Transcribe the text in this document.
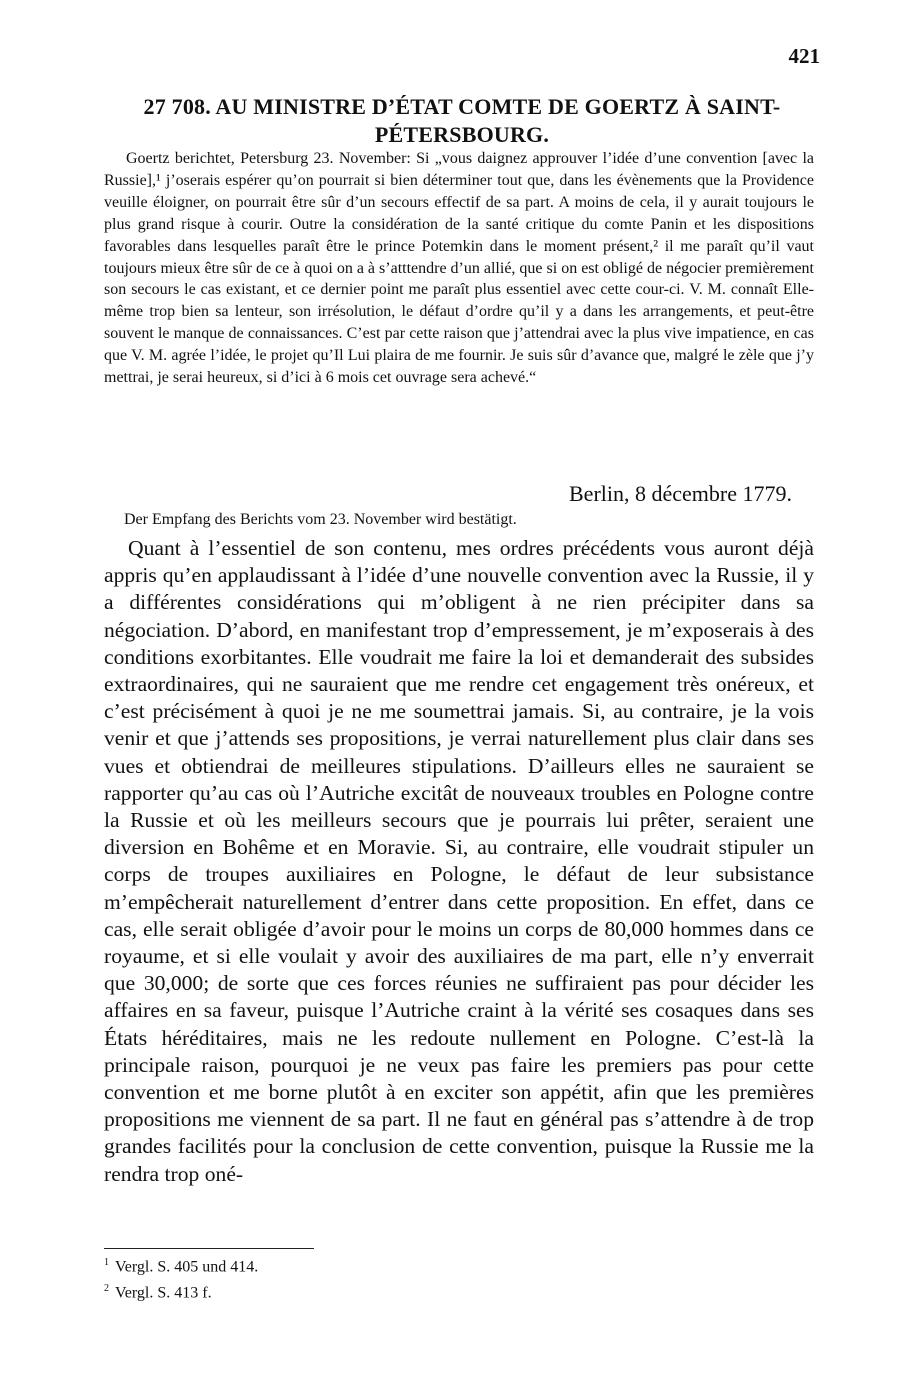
421
27 708. AU MINISTRE D’ÉTAT COMTE DE GOERTZ À SAINT-PÉTERSBOURG.
Goertz berichtet, Petersburg 23. November: Si „vous daignez approuver l’idée d’une convention [avec la Russie],¹ j’oserais espérer qu’on pourrait si bien déterminer tout que, dans les évènements que la Providence veuille éloigner, on pourrait être sûr d’un secours effectif de sa part. A moins de cela, il y aurait toujours le plus grand risque à courir. Outre la considération de la santé critique du comte Panin et les dispositions favorables dans lesquelles paraît être le prince Potemkin dans le moment présent,² il me paraît qu’il vaut toujours mieux être sûr de ce à quoi on a à s’atttendre d’un allié, que si on est obligé de négocier premièrement son secours le cas existant, et ce dernier point me paraît plus essentiel avec cette cour-ci. V. M. connaît Elle-même trop bien sa lenteur, son irrésolution, le défaut d’ordre qu’il y a dans les arrangements, et peut-être souvent le manque de connaissances. C’est par cette raison que j’attendrai avec la plus vive impatience, en cas que V. M. agrée l’idée, le projet qu’Il Lui plaira de me fournir. Je suis sûr d’avance que, malgré le zèle que j’y mettrai, je serai heureux, si d’ici à 6 mois cet ouvrage sera achevé.“
Berlin, 8 décembre 1779.
Der Empfang des Berichts vom 23. November wird bestätigt.
Quant à l’essentiel de son contenu, mes ordres précédents vous auront déjà appris qu’en applaudissant à l’idée d’une nouvelle convention avec la Russie, il y a différentes considérations qui m’obligent à ne rien précipiter dans sa négociation. D’abord, en manifestant trop d’empressement, je m’exposerais à des conditions exorbitantes. Elle voudrait me faire la loi et demanderait des subsides extraordinaires, qui ne sauraient que me rendre cet engagement très onéreux, et c’est précisément à quoi je ne me soumettrai jamais. Si, au contraire, je la vois venir et que j’attends ses propositions, je verrai naturellement plus clair dans ses vues et obtiendrai de meilleures stipulations. D’ailleurs elles ne sauraient se rapporter qu’au cas où l’Autriche excitât de nouveaux troubles en Pologne contre la Russie et où les meilleurs secours que je pourrais lui prêter, seraient une diversion en Bohême et en Moravie. Si, au contraire, elle voudrait stipuler un corps de troupes auxiliaires en Pologne, le défaut de leur subsistance m’empêcherait naturellement d’entrer dans cette proposition. En effet, dans ce cas, elle serait obligée d’avoir pour le moins un corps de 80,000 hommes dans ce royaume, et si elle voulait y avoir des auxiliaires de ma part, elle n’y enverrait que 30,000; de sorte que ces forces réunies ne suffiraient pas pour décider les affaires en sa faveur, puisque l’Autriche craint à la vérité ses cosaques dans ses États héréditaires, mais ne les redoute nullement en Pologne. C’est-là la principale raison, pourquoi je ne veux pas faire les premiers pas pour cette convention et me borne plutôt à en exciter son appétit, afin que les premières propositions me viennent de sa part. Il ne faut en général pas s’attendre à de trop grandes facilités pour la conclusion de cette convention, puisque la Russie me la rendra trop oné-
$^1$ Vergl. S. 405 und 414.
$^2$ Vergl. S. 413 f.
